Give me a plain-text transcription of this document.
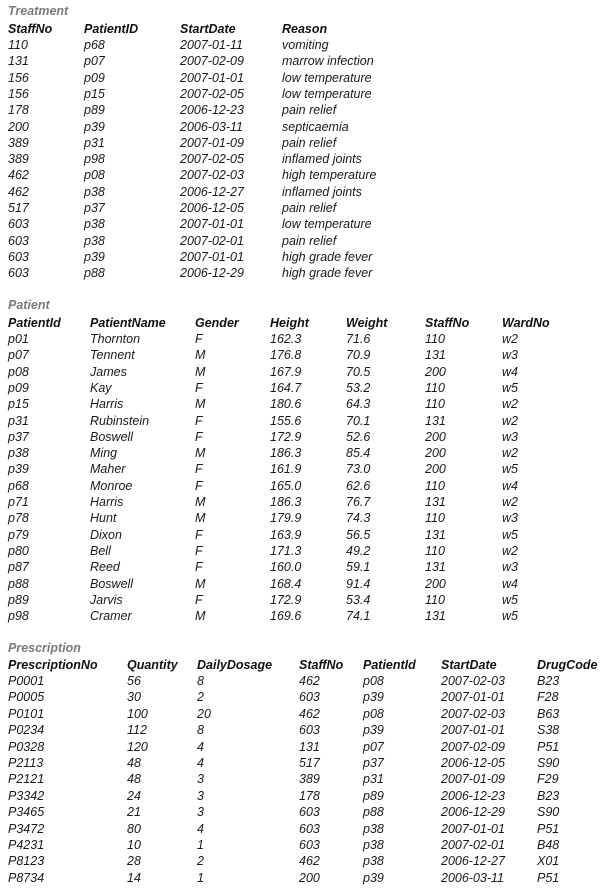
Treatment
StaffNo	PatientID	StartDate	Reason
110	p68	2007-01-11	vomiting
131	p07	2007-02-09	marrow infection
156	p09	2007-01-01	low temperature
156	p15	2007-02-05	low temperature
178	p89	2006-12-23	pain relief
200	p39	2006-03-11	septicaemia
389	p31	2007-01-09	pain relief
389	p98	2007-02-05	inflamed joints
462	p08	2007-02-03	high temperature
462	p38	2006-12-27	inflamed joints
517	p37	2006-12-05	pain relief
603	p38	2007-01-01	low temperature
603	p38	2007-02-01	pain relief
603	p39	2007-01-01	high grade fever
603	p88	2006-12-29	high grade fever
Patient
PatientId PatientName Gender Height	Weight	StaffNo	WardNo
p01	Thornton	F	162.3	71.6	110	w2
p07	Tennent	M	176.8	70.9	131	w3
p08	James	M	167.9	70.5	200	w4
p09	Kay	F	164.7	53.2	110	w5
p15	Harris	M	180.6	64.3	110	w2
p31	Rubinstein	F	155.6	70.1	131	w2
p37	Boswell	F	172.9	52.6	200	w3
p38	Ming	M	186.3	85.4	200	w2
p39	Maher	F	161.9	73.0	200	w5
p68	Monroe	F	165.0	62.6	110	w4
p71	Harris	M	186.3	76.7	131	w2
p78	Hunt	M	179.9	74.3	110	w3
p79	Dixon	F	163.9	56.5	131	w5
p80	Bell	F	171.3	49.2	110	w2
p87	Reed	F	160.0	59.1	131	w3
p88	Boswell	M	168.4	91.4	200	w4
p89	Jarvis	F	172.9	53.4	110	w5
p98	Cramer	M	169.6	74.1	131	w5
Prescription
PrescriptionNo Quantity DailyDosage StaffNo PatientId StartDate	DrugCode
P0001	56	8	462	p08	2007-02-03	B23
P0005	30	2	603	p39	2007-01-01	F28
P0101	100	20	462	p08	2007-02-03	B63
P0234	112	8	603	p39	2007-01-01	S38
P0328	120	4	131	p07	2007-02-09	P51
P2113	48	4	517	p37	2006-12-05	S90
P2121	48	3	389	p31	2007-01-09	F29
P3342	24	3	178	p89	2006-12-23	B23
P3465	21	3	603	p88	2006-12-29	S90
P3472	80	4	603	p38	2007-01-01	P51
P4231	10	1	603	p38	2007-02-01	B48
P8123	28	2	462	p38	2006-12-27	X01
P8734	14	1	200	p39	2006-03-11	P51
